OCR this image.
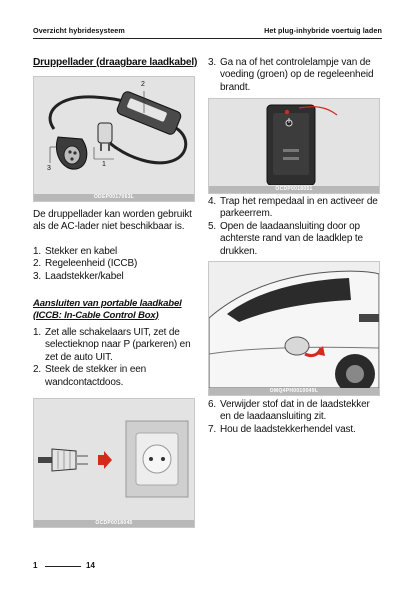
Overzicht hybridesysteem	Het plug-inhybride voertuig laden
Druppellader (draagbare laadkabel)
2
3
1
ODEP0017063L
De druppellader kan worden gebruikt als de AC-lader niet beschikbaar is.
1. Stekker en kabel
2. Regeleenheid (ICCB)
3. Laadstekker/kabel
Aansluiten van portable laadkabel (ICCB: In-Cable Control Box)
1. Zet alle schakelaars UIT, zet de selectieknop naar P (parkeren) en zet de auto UIT.
2. Steek de stekker in een wandcontactdoos.
OCDP0018045
3. Ga na of het controlelampje van de voeding (groen) op de regeleenheid brandt.
OCDP0018051
4. Trap het rempedaal in en activeer de parkeerrem.
5. Open de laadaansluiting door op achterste rand van de laadklep te drukken.
OMQ4PH0010049L
6. Verwijder stof dat in de laadstekker en de laadaansluiting zit.
7. Hou de laadstekkerhendel vast.
1	14
